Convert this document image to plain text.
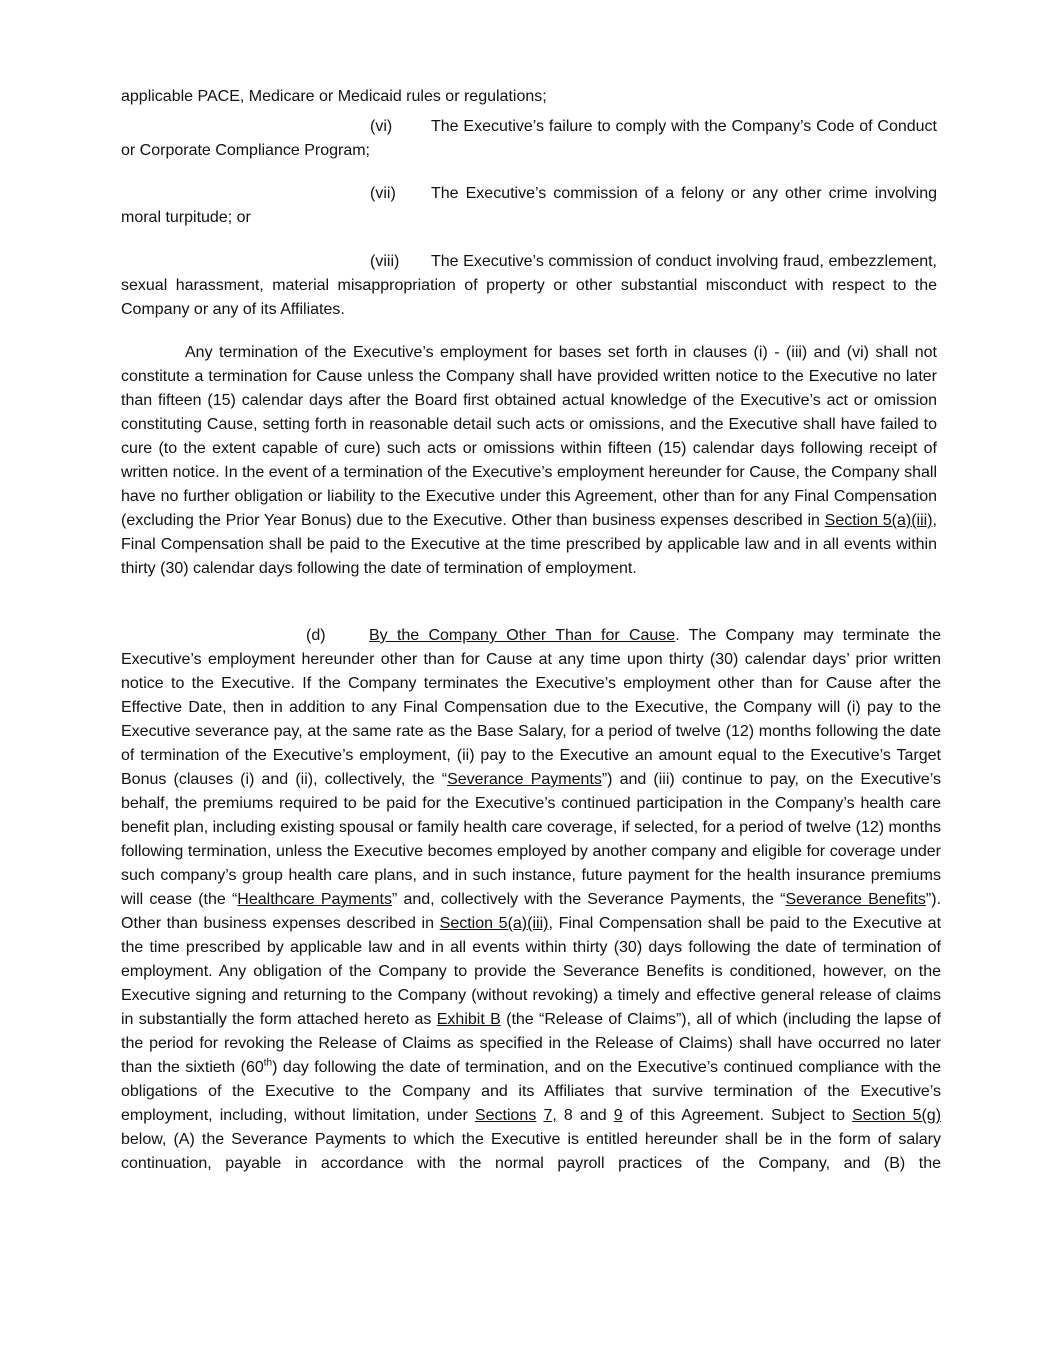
applicable PACE, Medicare or Medicaid rules or regulations;

(vi) The Executive’s failure to comply with the Company’s Code of Conduct or Corporate Compliance Program;

(vii) The Executive’s commission of a felony or any other crime involving moral turpitude; or

(viii) The Executive’s commission of conduct involving fraud, embezzlement, sexual harassment, material misappropriation of property or other substantial misconduct with respect to the Company or any of its Affiliates.

Any termination of the Executive’s employment for bases set forth in clauses (i) - (iii) and (vi) shall not constitute a termination for Cause unless the Company shall have provided written notice to the Executive no later than fifteen (15) calendar days after the Board first obtained actual knowledge of the Executive’s act or omission constituting Cause, setting forth in reasonable detail such acts or omissions, and the Executive shall have failed to cure (to the extent capable of cure) such acts or omissions within fifteen (15) calendar days following receipt of written notice. In the event of a termination of the Executive’s employment hereunder for Cause, the Company shall have no further obligation or liability to the Executive under this Agreement, other than for any Final Compensation (excluding the Prior Year Bonus) due to the Executive. Other than business expenses described in Section 5(a)(iii), Final Compensation shall be paid to the Executive at the time prescribed by applicable law and in all events within thirty (30) calendar days following the date of termination of employment.

(d)	By the Company Other Than for Cause. The Company may terminate the Executive’s employment hereunder other than for Cause at any time upon thirty (30) calendar days’ prior written notice to the Executive. If the Company terminates the Executive’s employment other than for Cause after the Effective Date, then in addition to any Final Compensation due to the Executive, the Company will (i) pay to the Executive severance pay, at the same rate as the Base Salary, for a period of twelve (12) months following the date of termination of the Executive’s employment, (ii) pay to the Executive an amount equal to the Executive’s Target Bonus (clauses (i) and (ii), collectively, the “Severance Payments”) and (iii) continue to pay, on the Executive’s behalf, the premiums required to be paid for the Executive’s continued participation in the Company’s health care benefit plan, including existing spousal or family health care coverage, if selected, for a period of twelve (12) months following termination, unless the Executive becomes employed by another company and eligible for coverage under such company’s group health care plans, and in such instance, future payment for the health insurance premiums will cease (the “Healthcare Payments” and, collectively with the Severance Payments, the “Severance Benefits”). Other than business expenses described in Section 5(a)(iii), Final Compensation shall be paid to the Executive at the time prescribed by applicable law and in all events within thirty (30) days following the date of termination of employment. Any obligation of the Company to provide the Severance Benefits is conditioned, however, on the Executive signing and returning to the Company (without revoking) a timely and effective general release of claims in substantially the form attached hereto as Exhibit B (the “Release of Claims”), all of which (including the lapse of the period for revoking the Release of Claims as specified in the Release of Claims) shall have occurred no later than the sixtieth (60th) day following the date of termination, and on the Executive’s continued compliance with the obligations of the Executive to the Company and its Affiliates that survive termination of the Executive’s employment, including, without limitation, under Sections 7, 8 and 9 of this Agreement. Subject to Section 5(g) below, (A) the Severance Payments to which the Executive is entitled hereunder shall be in the form of salary continuation, payable in accordance with the normal payroll practices of the Company, and (B) the
